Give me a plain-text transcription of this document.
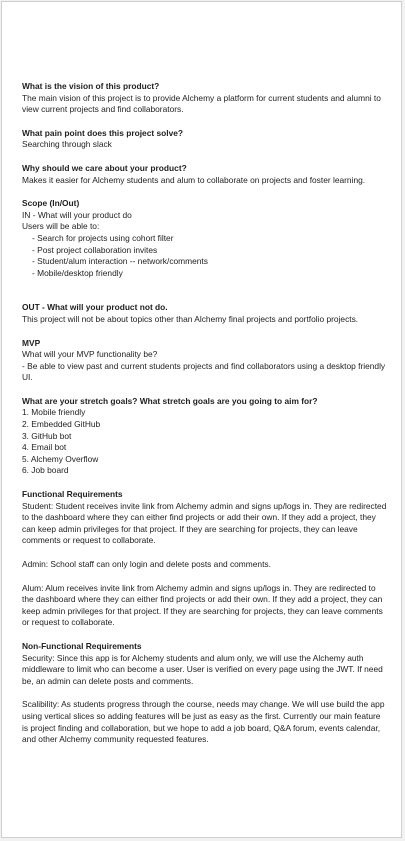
What is the vision of this product?
The main vision of this project is to provide Alchemy a platform for current students and alumni to view current projects and find collaborators.
What pain point does this project solve?
Searching through slack
Why should we care about your product?
Makes it easier for Alchemy students and alum to collaborate on projects and foster learning.
Scope (In/Out)
IN - What will your product do
Users will be able to:
- Search for projects using cohort filter
- Post project collaboration invites
- Student/alum interaction -- network/comments
- Mobile/desktop friendly
OUT - What will your product not do.
This project will not be about topics other than Alchemy final projects and portfolio projects.
MVP
What will your MVP functionality be?
- Be able to view past and current students projects and find collaborators using a desktop friendly UI.
What are your stretch goals? What stretch goals are you going to aim for?
1. Mobile friendly
2. Embedded GitHub
3. GitHub bot
4. Email bot
5. Alchemy Overflow
6. Job board
Functional Requirements
Student: Student receives invite link from Alchemy admin and signs up/logs in. They are redirected to the dashboard where they can either find projects or add their own. If they add a project, they can keep admin privileges for that project. If they are searching for projects, they can leave comments or request to collaborate.
Admin: School staff can only login and delete posts and comments.
Alum: Alum receives invite link from Alchemy admin and signs up/logs in. They are redirected to the dashboard where they can either find projects or add their own. If they add a project, they can keep admin privileges for that project. If they are searching for projects, they can leave comments or request to collaborate.
Non-Functional Requirements
Security: Since this app is for Alchemy students and alum only, we will use the Alchemy auth middleware to limit who can become a user. User is verified on every page using the JWT. If need be, an admin can delete posts and comments.
Scalibility: As students progress through the course, needs may change. We will use build the app using vertical slices so adding features will be just as easy as the first. Currently our main feature is project finding and collaboration, but we hope to add a job board, Q&A forum, events calendar, and other Alchemy community requested features.
